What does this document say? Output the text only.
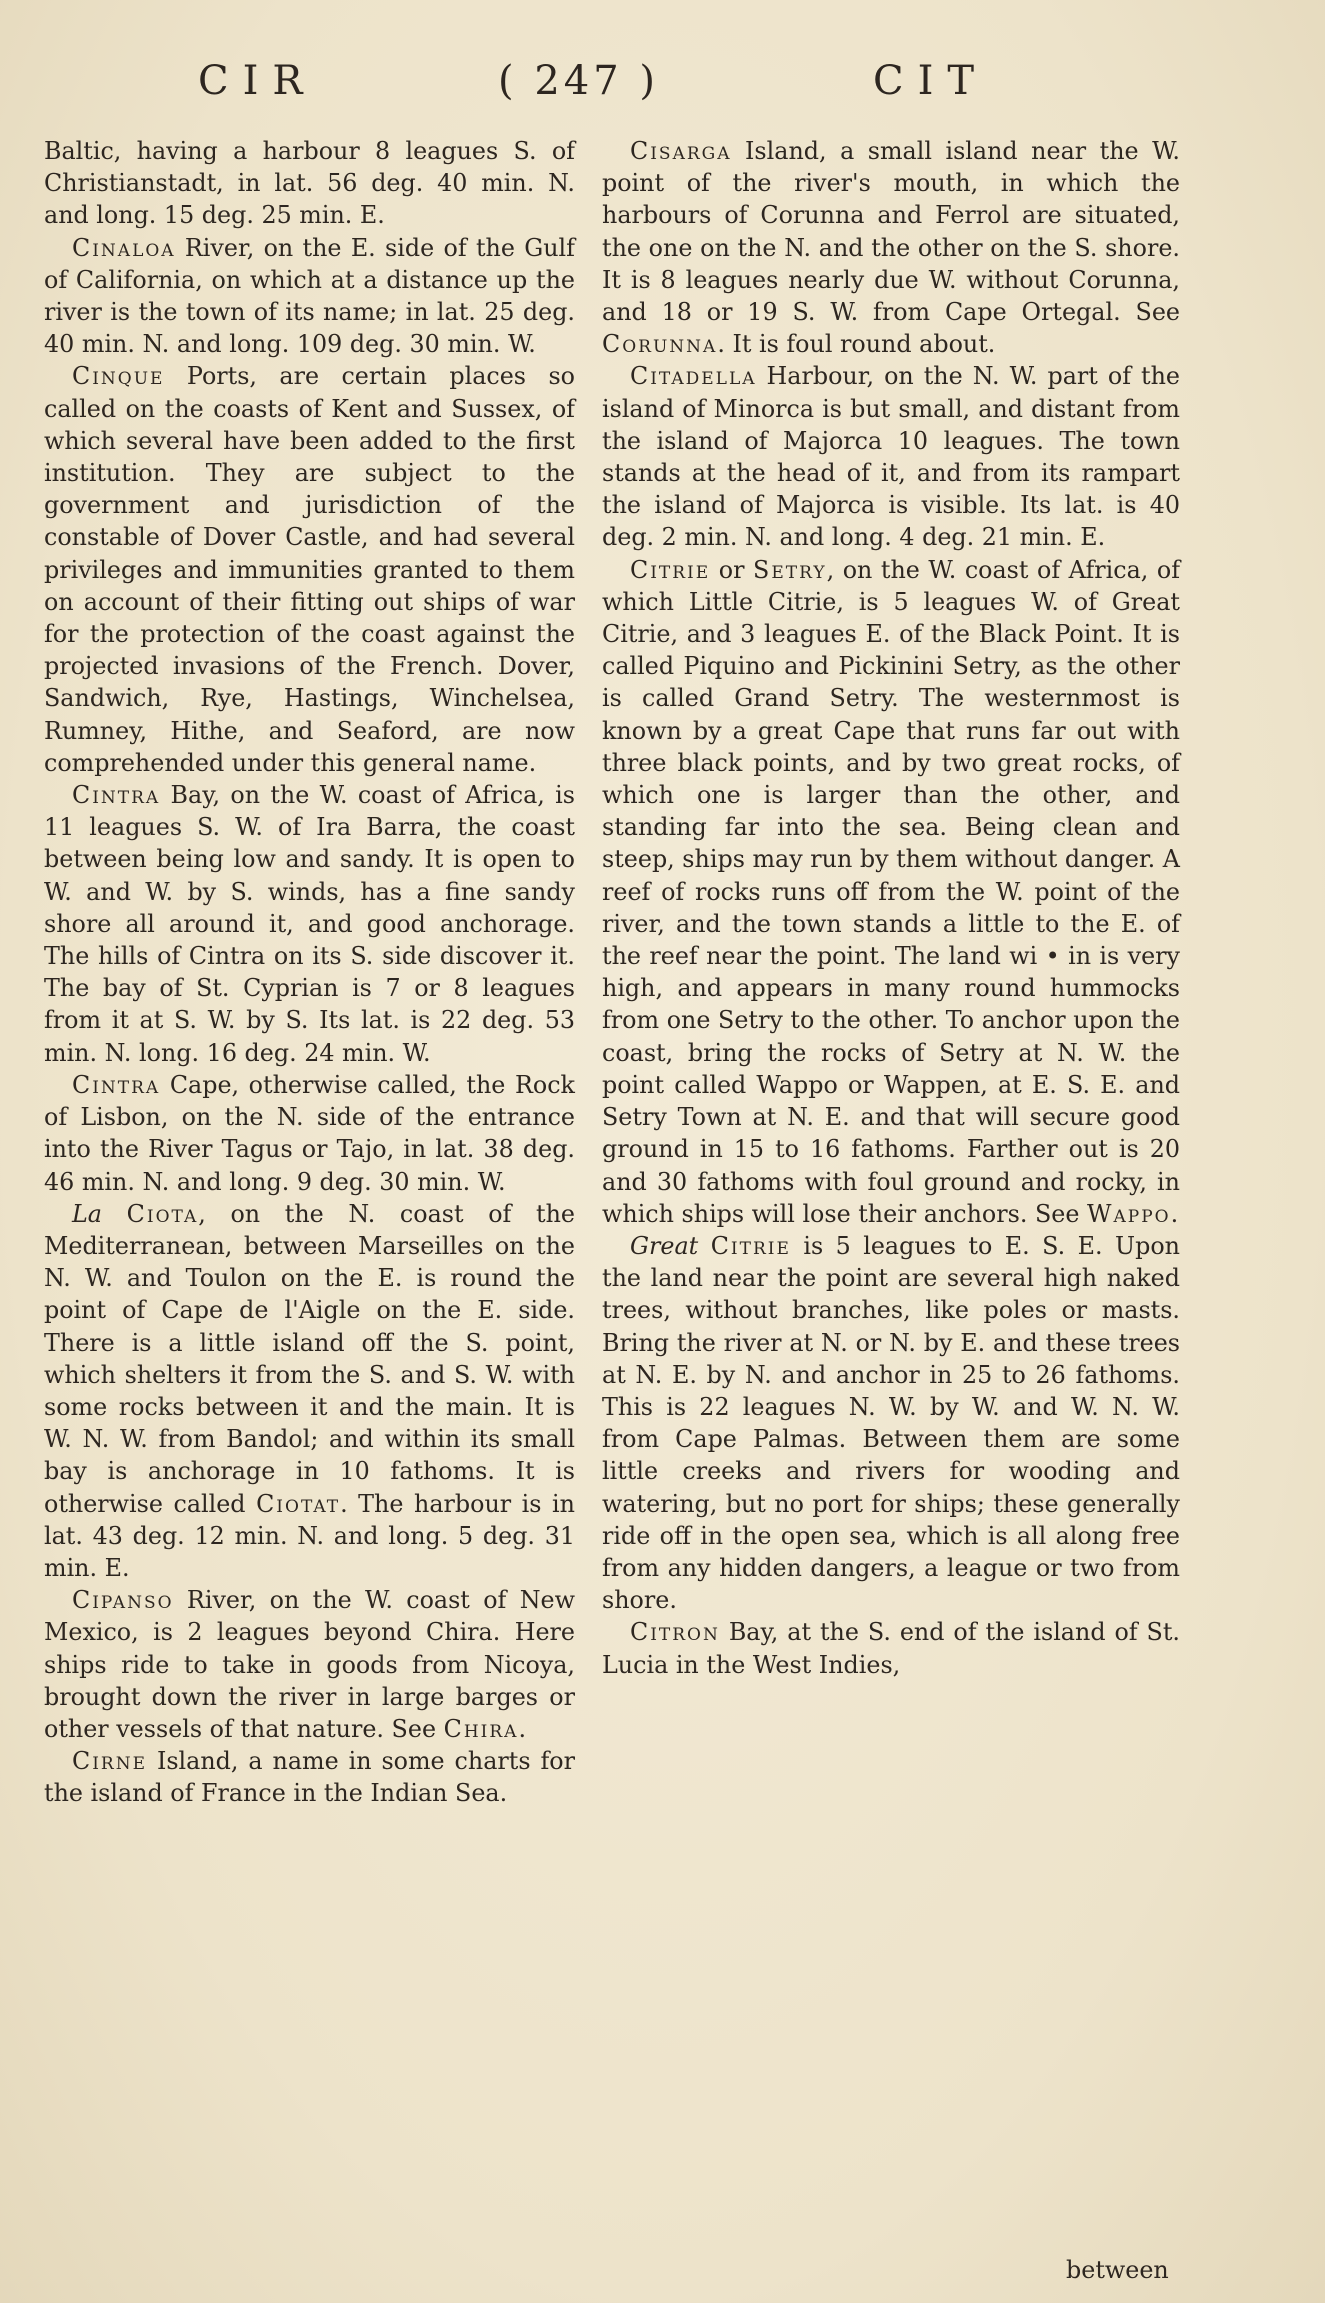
CIR	( 247 )	CIT

Baltic, having a harbour 8 leagues S. of Christianstadt, in lat. 56 deg. 40 min. N. and long. 15 deg. 25 min. E.

Cinaloa River, on the E. side of the Gulf of California, on which at a distance up the river is the town of its name; in lat. 25 deg. 40 min. N. and long. 109 deg. 30 min. W.

Cinque Ports, are certain places so called on the coasts of Kent and Sussex, of which several have been added to the first institution. They are subject to the government and jurisdiction of the constable of Dover Castle, and had several privileges and immunities granted to them on account of their fitting out ships of war for the protection of the coast against the projected invasions of the French. Dover, Sandwich, Rye, Hastings, Winchelsea, Rumney, Hithe, and Seaford, are now comprehended under this general name.

Cintra Bay, on the W. coast of Africa, is 11 leagues S. W. of Ira Barra, the coast between being low and sandy. It is open to W. and W. by S. winds, has a fine sandy shore all around it, and good anchorage. The hills of Cintra on its S. side discover it. The bay of St. Cyprian is 7 or 8 leagues from it at S. W. by S. Its lat. is 22 deg. 53 min. N. long. 16 deg. 24 min. W.

Cintra Cape, otherwise called, the Rock of Lisbon, on the N. side of the entrance into the River Tagus or Tajo, in lat. 38 deg. 46 min. N. and long. 9 deg. 30 min. W.

La Ciota, on the N. coast of the Mediterranean, between Marseilles on the N. W. and Toulon on the E. is round the point of Cape de l'Aigle on the E. side. There is a little island off the S. point, which shelters it from the S. and S. W. with some rocks between it and the main. It is W. N. W. from Bandol; and within its small bay is anchorage in 10 fathoms. It is otherwise called Ciotat. The harbour is in lat. 43 deg. 12 min. N. and long. 5 deg. 31 min. E.

Cipanso River, on the W. coast of New Mexico, is 2 leagues beyond Chira. Here ships ride to take in goods from Nicoya, brought down the river in large barges or other vessels of that nature. See Chira.

Cirne Island, a name in some charts for the island of France in the Indian Sea.

Cisarga Island, a small island near the W. point of the river's mouth, in which the harbours of Corunna and Ferrol are situated, the one on the N. and the other on the S. shore. It is 8 leagues nearly due W. without Corunna, and 18 or 19 S. W. from Cape Ortegal. See Corunna. It is foul round about.

Citadella Harbour, on the N. W. part of the island of Minorca is but small, and distant from the island of Majorca 10 leagues. The town stands at the head of it, and from its rampart the island of Majorca is visible. Its lat. is 40 deg. 2 min. N. and long. 4 deg. 21 min. E.

Citrie or Setry, on the W. coast of Africa, of which Little Citrie, is 5 leagues W. of Great Citrie, and 3 leagues E. of the Black Point. It is called Piquino and Pickinini Setry, as the other is called Grand Setry. The westernmost is known by a great Cape that runs far out with three black points, and by two great rocks, of which one is larger than the other, and standing far into the sea. Being clean and steep, ships may run by them without danger. A reef of rocks runs off from the W. point of the river, and the town stands a little to the E. of the reef near the point. The land wi • in is very high, and appears in many round hummocks from one Setry to the other. To anchor upon the coast, bring the rocks of Setry at N. W. the point called Wappo or Wappen, at E. S. E. and Setry Town at N. E. and that will secure good ground in 15 to 16 fathoms. Farther out is 20 and 30 fathoms with foul ground and rocky, in which ships will lose their anchors. See Wappo.

Great Citrie is 5 leagues to E. S. E. Upon the land near the point are several high naked trees, without branches, like poles or masts. Bring the river at N. or N. by E. and these trees at N. E. by N. and anchor in 25 to 26 fathoms. This is 22 leagues N. W. by W. and W. N. W. from Cape Palmas. Between them are some little creeks and rivers for wooding and watering, but no port for ships; these generally ride off in the open sea, which is all along free from any hidden dangers, a league or two from shore.

Citron Bay, at the S. end of the island of St. Lucia in the West Indies,

between
